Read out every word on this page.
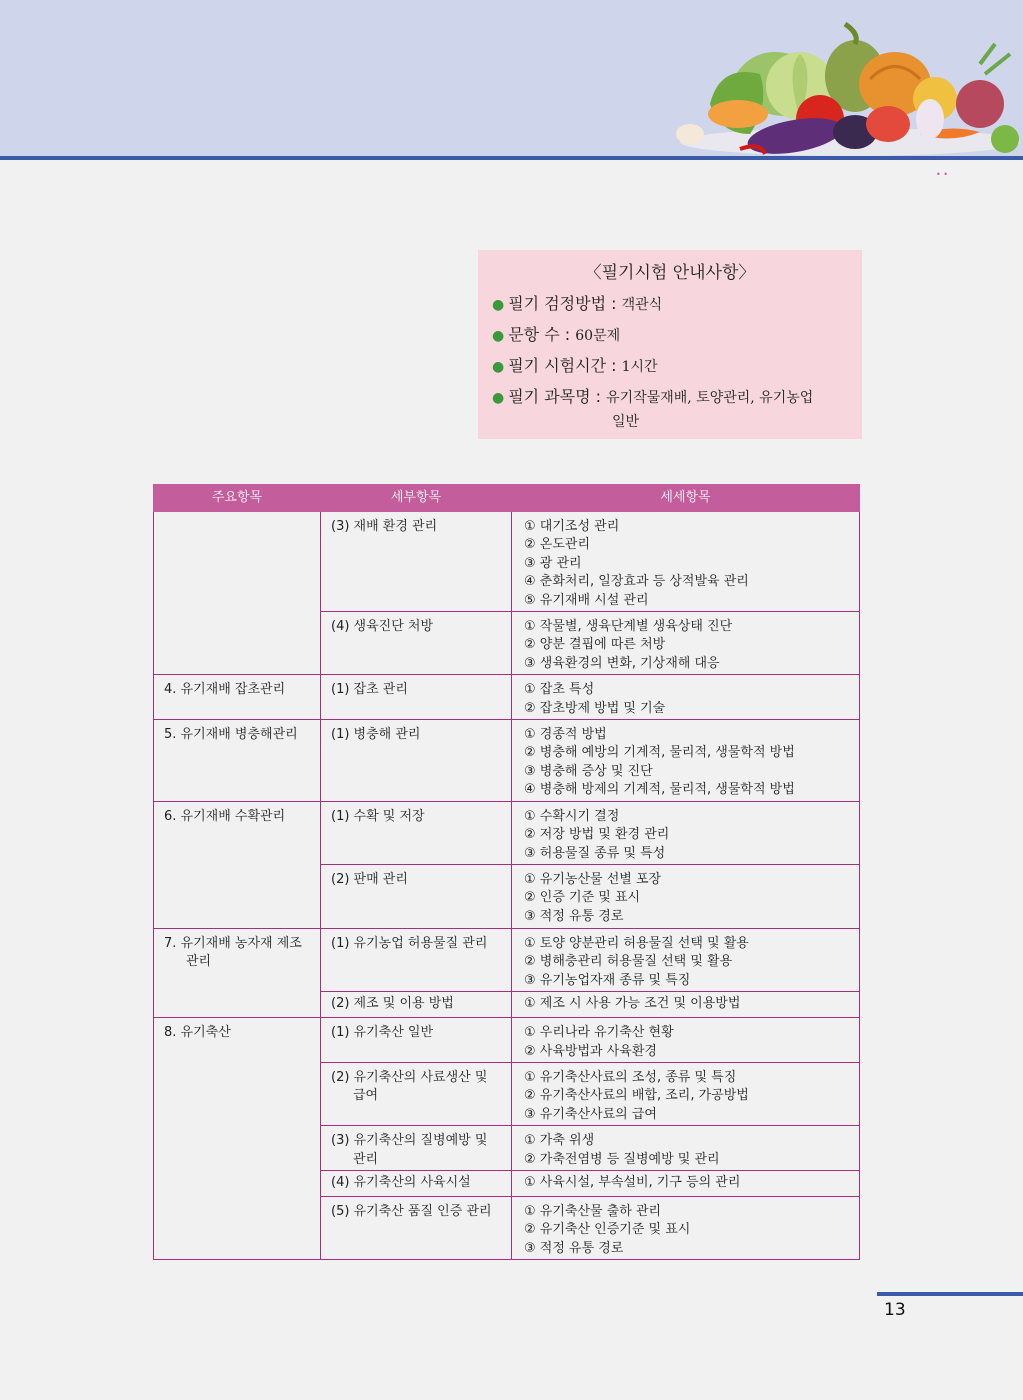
• •
〈필기시험 안내사항〉
● 필기 검정방법 : 객관식
● 문항 수 : 60문제
● 필기 시험시간 : 1시간
● 필기 과목명 : 유기작물재배, 토양관리, 유기농업
일반
주요항목	세부항목	세세항목

	(3) 재배 환경 관리	① 대기조성 관리
② 온도관리
③ 광 관리
④ 춘화처리, 일장효과 등 상적발육 관리
⑤ 유기재배 시설 관리

	(4) 생육진단 처방	① 작물별, 생육단계별 생육상태 진단
② 양분 결핍에 따른 처방
③ 생육환경의 변화, 기상재해 대응

4. 유기재배 잡초관리	(1) 잡초 관리	① 잡초 특성
② 잡초방제 방법 및 기술

5. 유기재배 병충해관리	(1) 병충해 관리	① 경종적 방법
② 병충해 예방의 기계적, 물리적, 생물학적 방법
③ 병충해 증상 및 진단
④ 병충해 방제의 기계적, 물리적, 생물학적 방법

6. 유기재배 수확관리	(1) 수확 및 저장	① 수확시기 결정
② 저장 방법 및 환경 관리
③ 허용물질 종류 및 특성

	(2) 판매 관리	① 유기농산물 선별 포장
② 인증 기준 및 표시
③ 적정 유통 경로

7. 유기재배 농자재 제조 관리	(1) 유기농업 허용물질 관리	① 토양 양분관리 허용물질 선택 및 활용
② 병해충관리 허용물질 선택 및 활용
③ 유기농업자재 종류 및 특징

	(2) 제조 및 이용 방법	① 제조 시 사용 가능 조건 및 이용방법

8. 유기축산	(1) 유기축산 일반	① 우리나라 유기축산 현황
② 사육방법과 사육환경

	(2) 유기축산의 사료생산 및 급여	① 유기축산사료의 조성, 종류 및 특징
② 유기축산사료의 배합, 조리, 가공방법
③ 유기축산사료의 급여

	(3) 유기축산의 질병예방 및 관리	① 가축 위생
② 가축전염병 등 질병예방 및 관리

	(4) 유기축산의 사육시설	① 사육시설, 부속설비, 기구 등의 관리

	(5) 유기축산 품질 인증 관리	① 유기축산물 출하 관리
② 유기축산 인증기준 및 표시
③ 적정 유통 경로
13
